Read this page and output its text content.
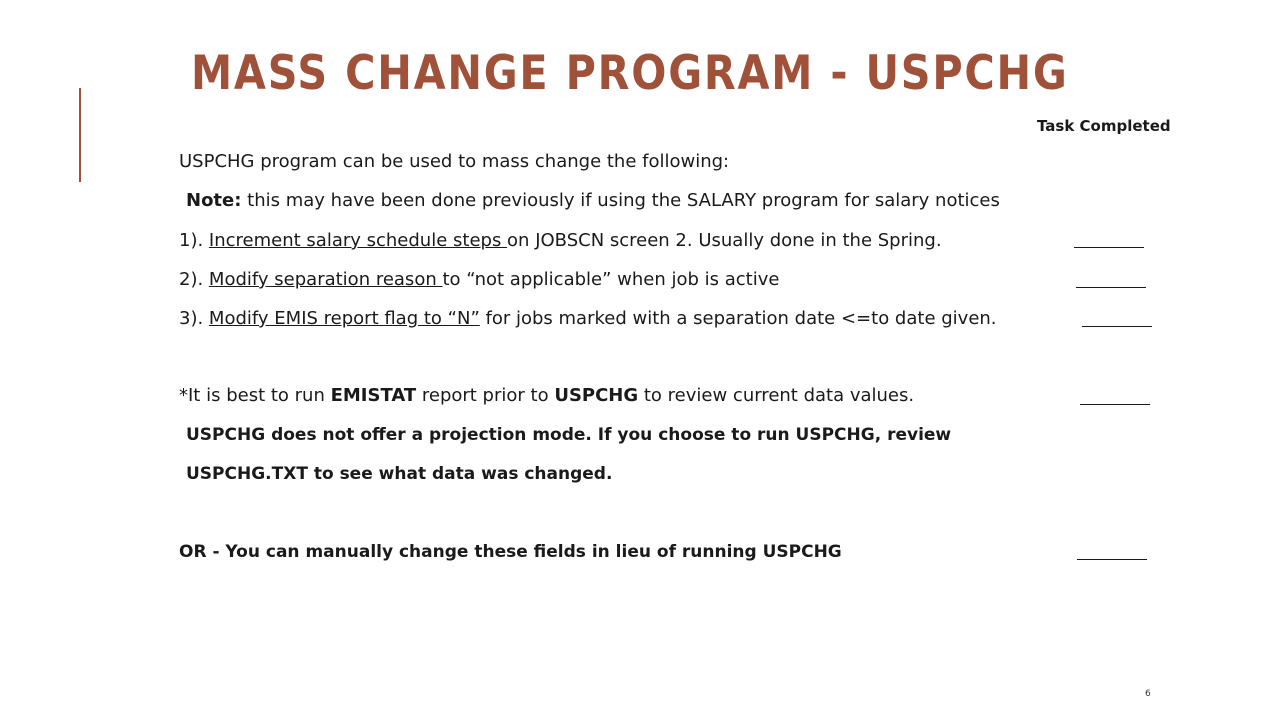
MASS CHANGE PROGRAM - USPCHG
Task Completed
USPCHG program can be used to mass change the following:
Note: this may have been done previously if using the SALARY program for salary notices
1). Increment salary schedule steps on JOBSCN screen 2. Usually done in the Spring.
2). Modify separation reason to “not applicable” when job is active
3). Modify EMIS report flag to “N” for jobs marked with a separation date <=to date given.
*It is best to run EMISTAT report prior to USPCHG to review current data values.
USPCHG does not offer a projection mode. If you choose to run USPCHG, review
USPCHG.TXT to see what data was changed.
OR - You can manually change these fields in lieu of running USPCHG
6
